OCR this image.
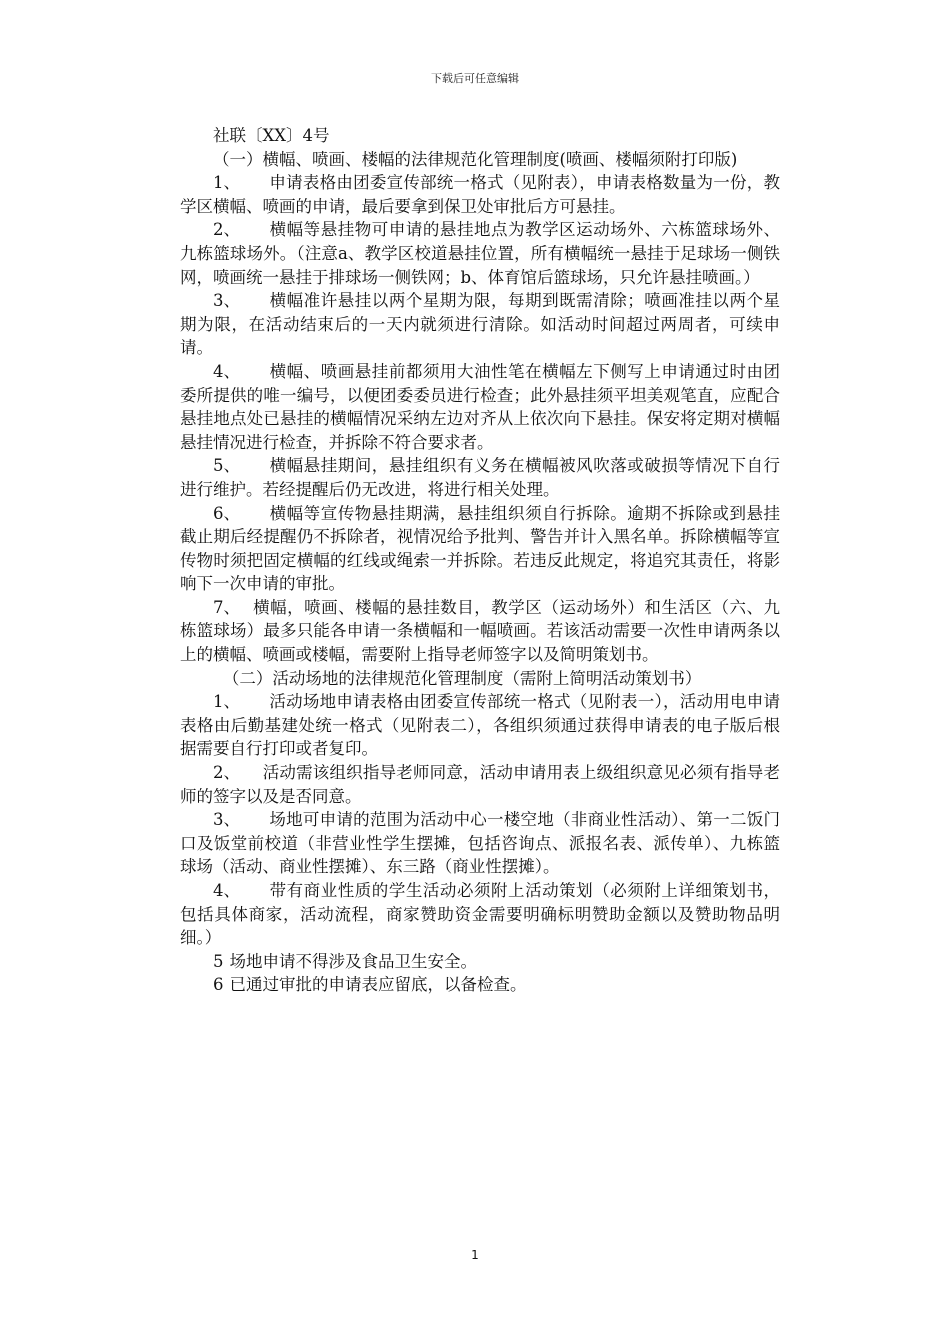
下载后可任意编辑

社联〔XX〕4号

（一）横幅、喷画、楼幅的法律规范化管理制度(喷画、楼幅须附打印版)

1、 申请表格由团委宣传部统一格式（见附表），申请表格数量为一份，教学区横幅、喷画的申请，最后要拿到保卫处审批后方可悬挂。

2、 横幅等悬挂物可申请的悬挂地点为教学区运动场外、六栋篮球场外、九栋篮球场外。（注意a、教学区校道悬挂位置，所有横幅统一悬挂于足球场一侧铁网，喷画统一悬挂于排球场一侧铁网；b、体育馆后篮球场，只允许悬挂喷画。）

3、 横幅准许悬挂以两个星期为限，每期到既需清除；喷画准挂以两个星期为限，在活动结束后的一天内就须进行清除。如活动时间超过两周者，可续申请。

4、 横幅、喷画悬挂前都须用大油性笔在横幅左下侧写上申请通过时由团委所提供的唯一编号，以便团委委员进行检查；此外悬挂须平坦美观笔直，应配合悬挂地点处已悬挂的横幅情况采纳左边对齐从上依次向下悬挂。保安将定期对横幅悬挂情况进行检查，并拆除不符合要求者。

5、 横幅悬挂期间，悬挂组织有义务在横幅被风吹落或破损等情况下自行进行维护。若经提醒后仍无改进，将进行相关处理。

6、 横幅等宣传物悬挂期满，悬挂组织须自行拆除。逾期不拆除或到悬挂截止期后经提醒仍不拆除者，视情况给予批判、警告并计入黑名单。拆除横幅等宣传物时须把固定横幅的红线或绳索一并拆除。若违反此规定，将追究其责任，将影响下一次申请的审批。

7、 横幅，喷画、楼幅的悬挂数目，教学区（运动场外）和生活区（六、九栋篮球场）最多只能各申请一条横幅和一幅喷画。若该活动需要一次性申请两条以上的横幅、喷画或楼幅，需要附上指导老师签字以及简明策划书。

（二）活动场地的法律规范化管理制度（需附上简明活动策划书）

1、 活动场地申请表格由团委宣传部统一格式（见附表一），活动用电申请表格由后勤基建处统一格式（见附表二），各组织须通过获得申请表的电子版后根据需要自行打印或者复印。

2、 活动需该组织指导老师同意，活动申请用表上级组织意见必须有指导老师的签字以及是否同意。

3、 场地可申请的范围为活动中心一楼空地（非商业性活动）、第一二饭门口及饭堂前校道（非营业性学生摆摊，包括咨询点、派报名表、派传单）、九栋篮球场（活动、商业性摆摊）、东三路（商业性摆摊）。

4、 带有商业性质的学生活动必须附上活动策划（必须附上详细策划书，包括具体商家，活动流程，商家赞助资金需要明确标明赞助金额以及赞助物品明细。）

5 场地申请不得涉及食品卫生安全。

6 已通过审批的申请表应留底，以备检查。

1
